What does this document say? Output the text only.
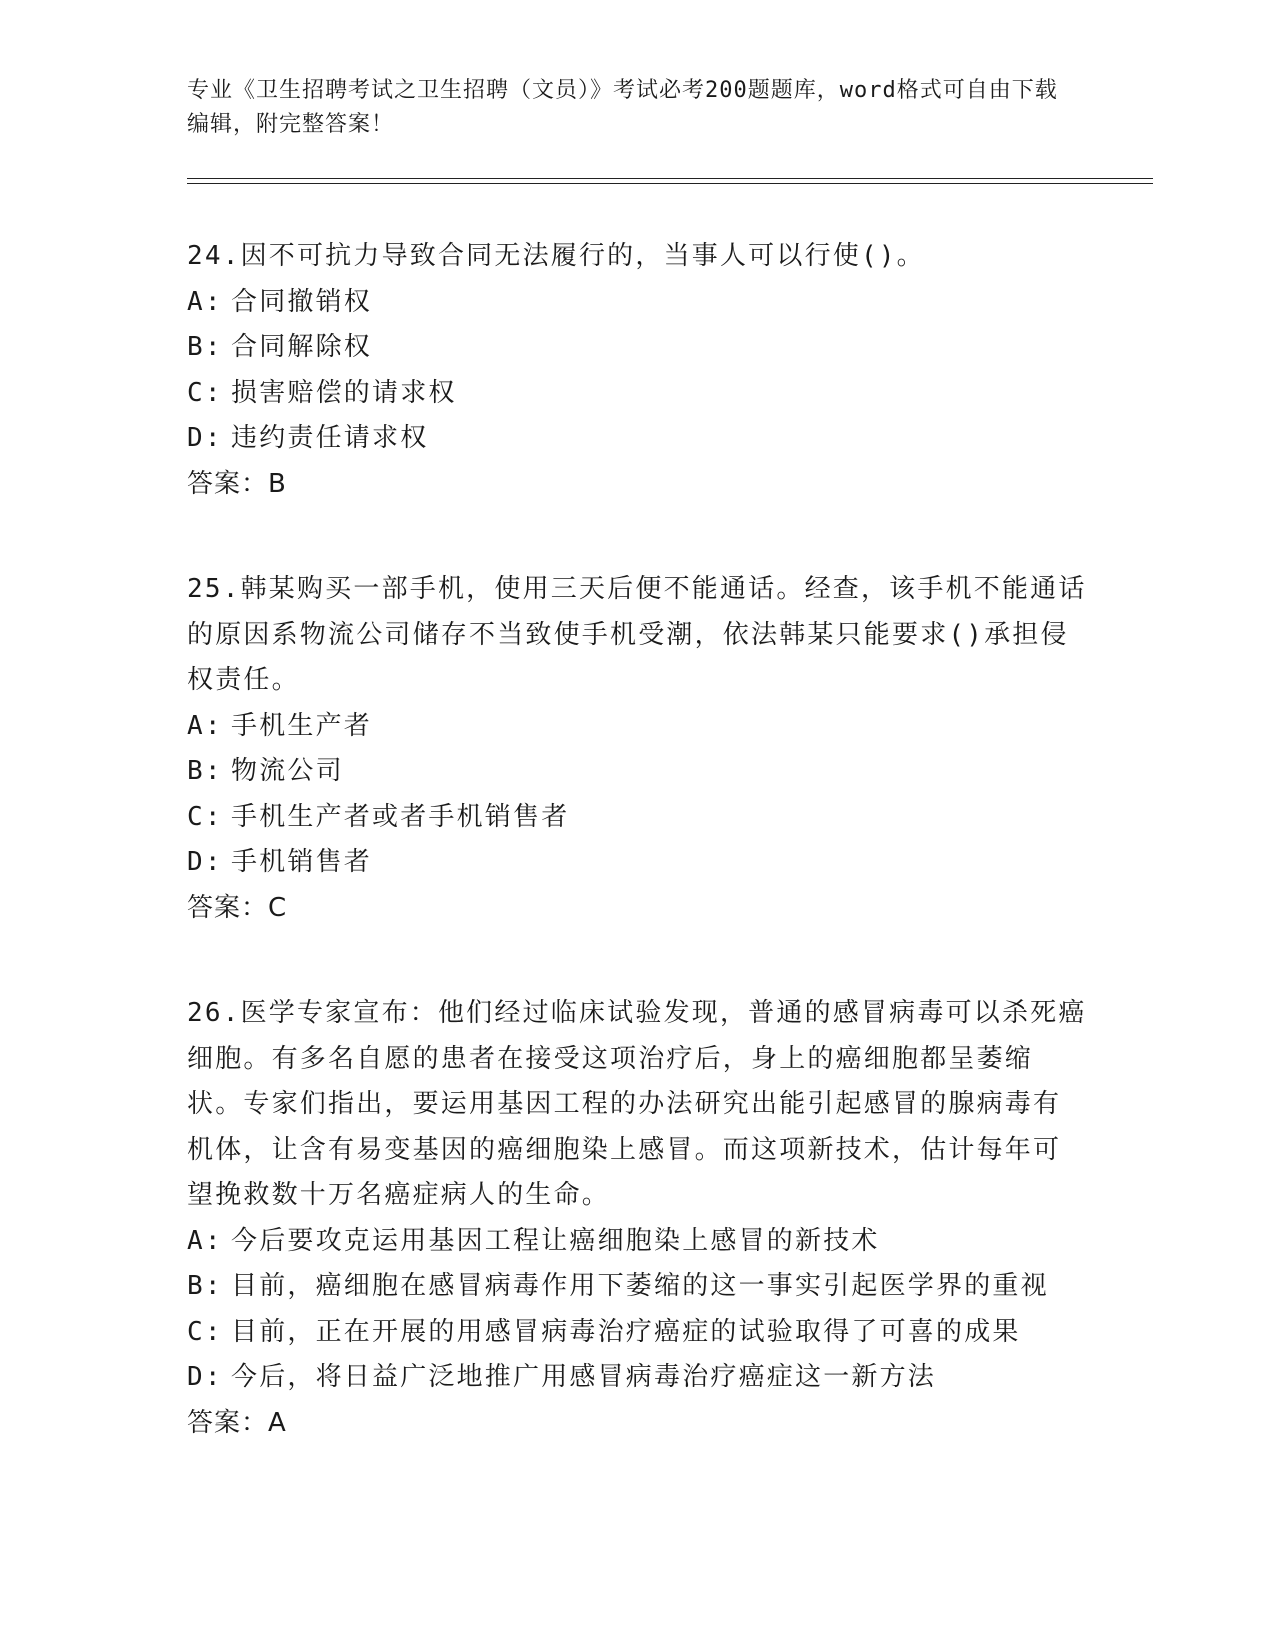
专业《卫生招聘考试之卫生招聘（文员）》考试必考200题题库，word格式可自由下载编辑，附完整答案！

24.因不可抗力导致合同无法履行的，当事人可以行使()。

A: 合同撤销权

B: 合同解除权

C: 损害赔偿的请求权

D: 违约责任请求权

答案：B

25.韩某购买一部手机，使用三天后便不能通话。经查，该手机不能通话的原因系物流公司储存不当致使手机受潮，依法韩某只能要求()承担侵权责任。

A: 手机生产者

B: 物流公司

C: 手机生产者或者手机销售者

D: 手机销售者

答案：C

26.医学专家宣布：他们经过临床试验发现，普通的感冒病毒可以杀死癌细胞。有多名自愿的患者在接受这项治疗后，身上的癌细胞都呈萎缩状。专家们指出，要运用基因工程的办法研究出能引起感冒的腺病毒有机体，让含有易变基因的癌细胞染上感冒。而这项新技术，估计每年可望挽救数十万名癌症病人的生命。

A: 今后要攻克运用基因工程让癌细胞染上感冒的新技术

B: 目前，癌细胞在感冒病毒作用下萎缩的这一事实引起医学界的重视

C: 目前，正在开展的用感冒病毒治疗癌症的试验取得了可喜的成果

D: 今后，将日益广泛地推广用感冒病毒治疗癌症这一新方法

答案：A
